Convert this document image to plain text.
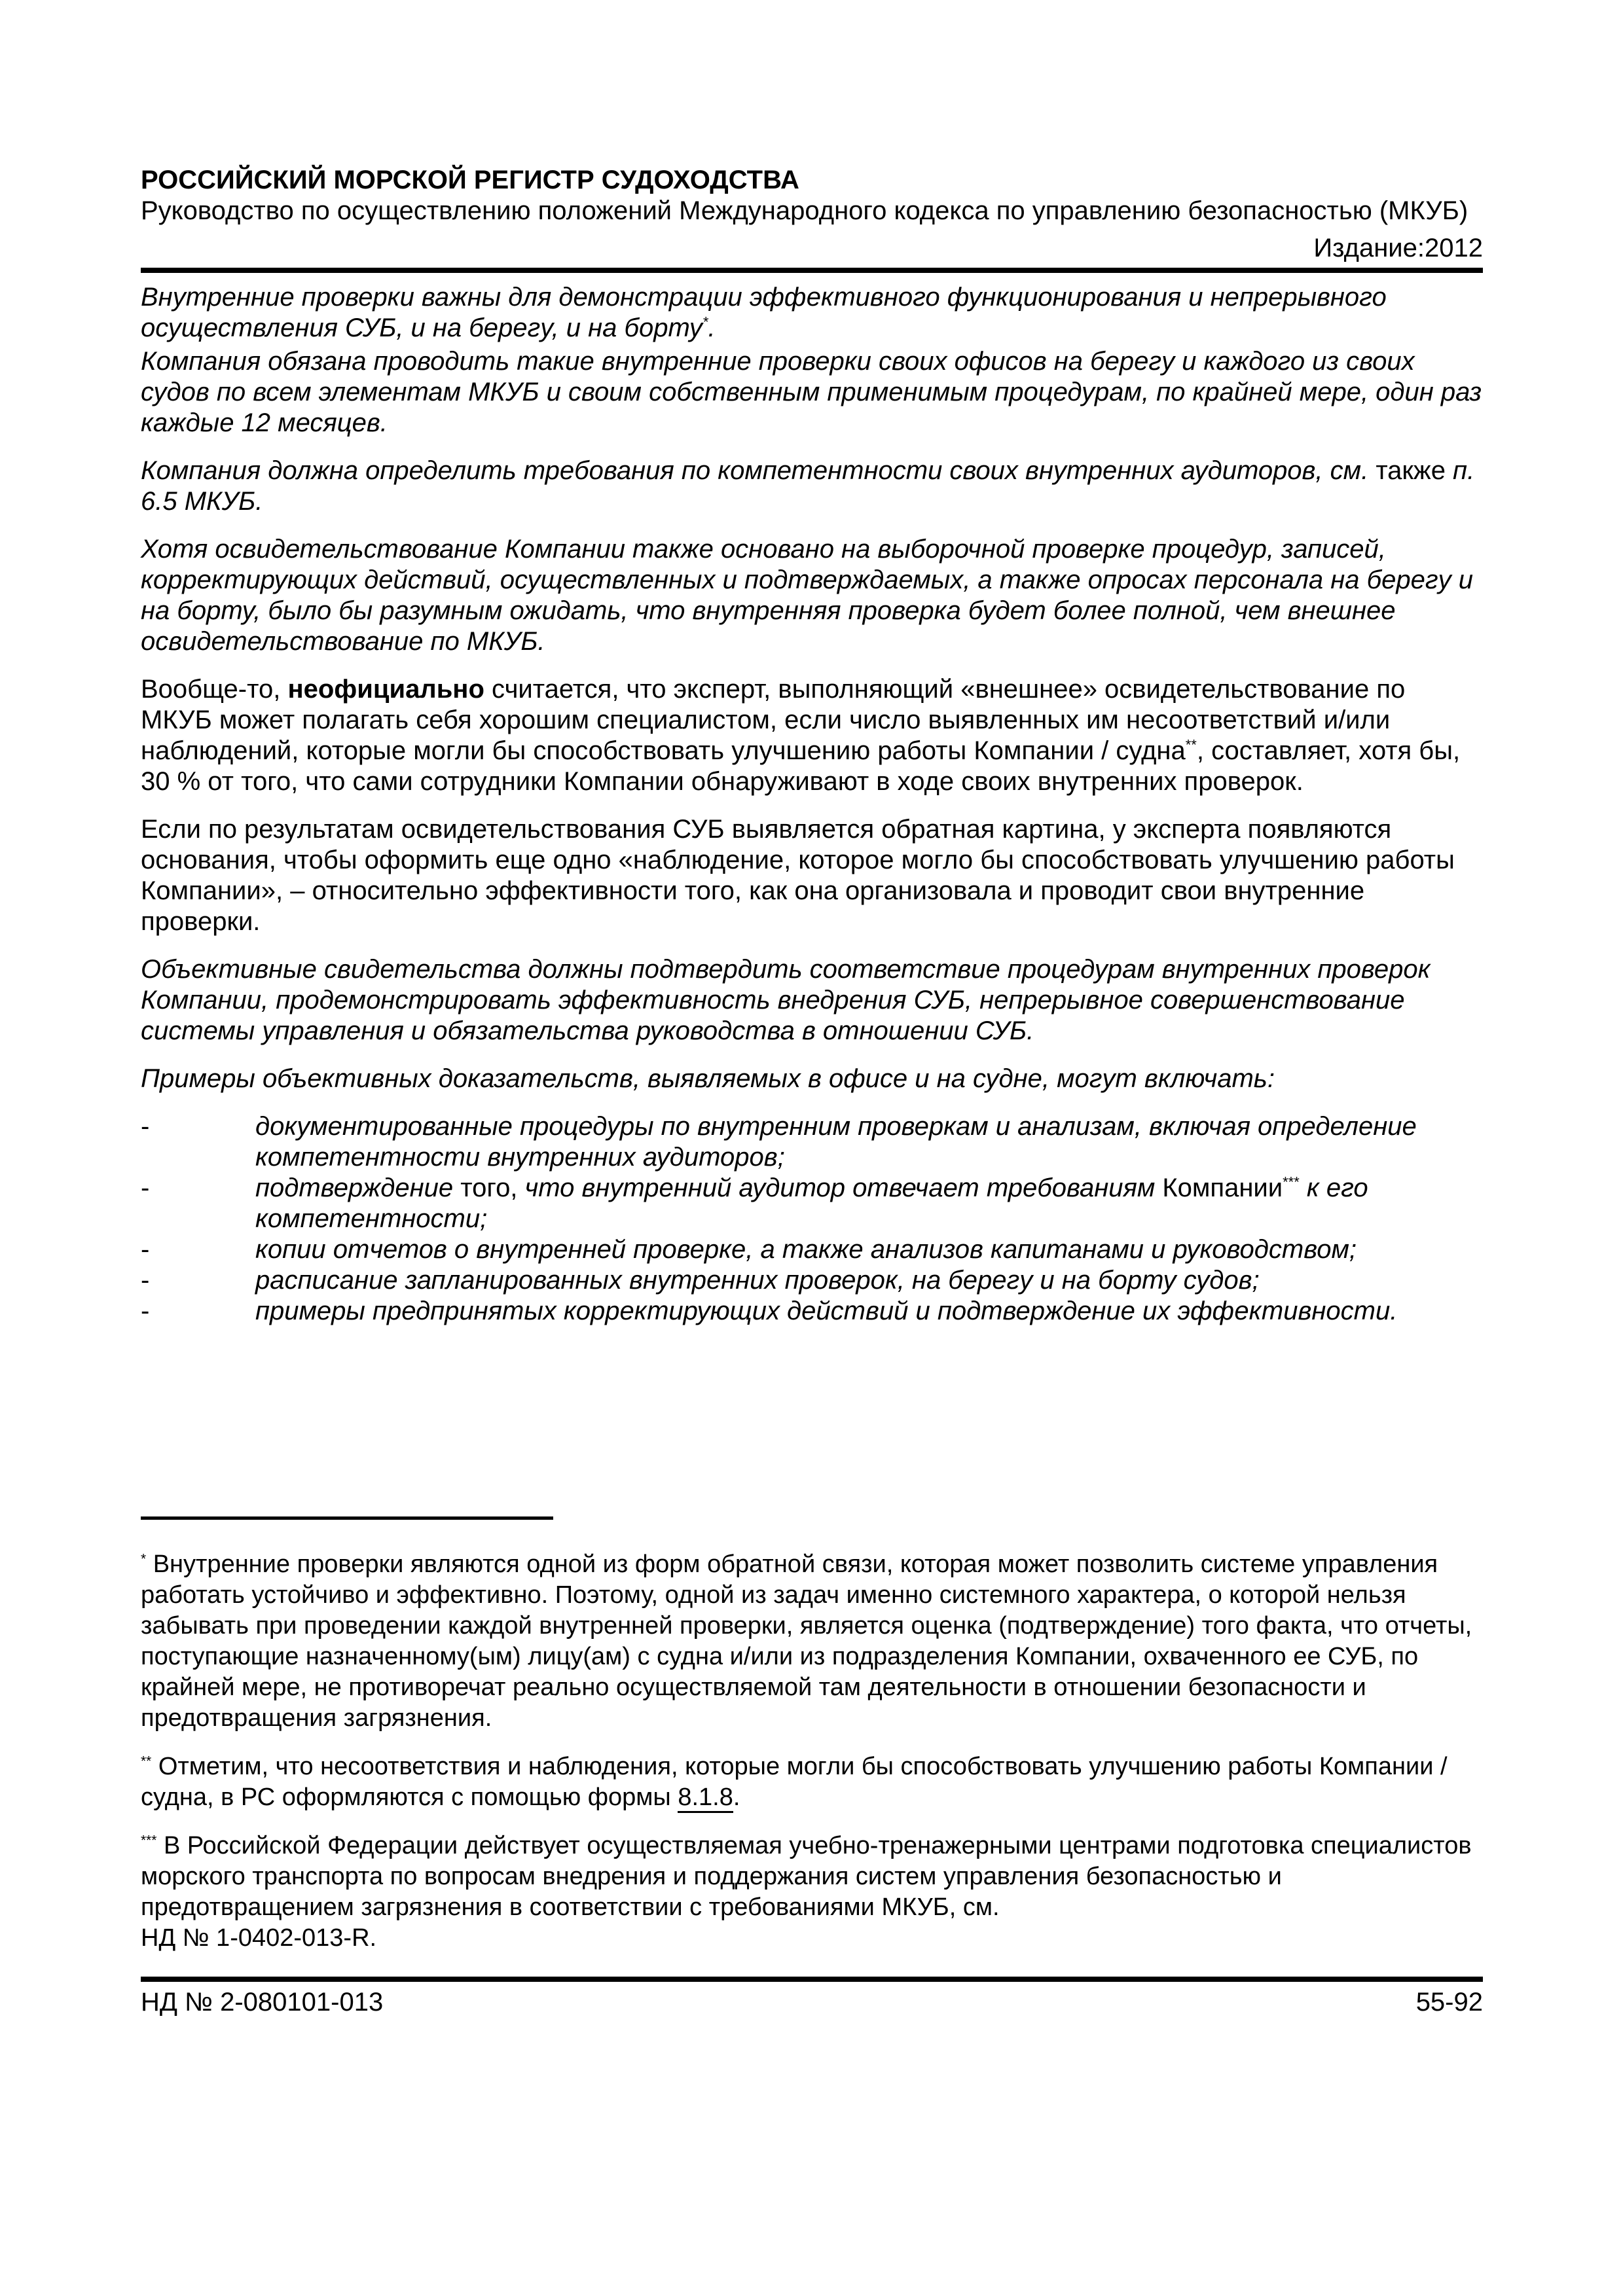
РОССИЙСКИЙ МОРСКОЙ РЕГИСТР СУДОХОДСТВА
Руководство по осуществлению положений Международного кодекса по управлению безопасностью (МКУБ)
Издание:2012

Внутренние проверки важны для демонстрации эффективного функционирования и непрерывного осуществления СУБ, и на берегу, и на борту*.

Компания обязана проводить такие внутренние проверки своих офисов на берегу и каждого из своих судов по всем элементам МКУБ и своим собственным применимым процедурам, по крайней мере, один раз каждые 12 месяцев.

Компания должна определить требования по компетентности своих внутренних аудиторов, см. также п. 6.5 МКУБ.

Хотя освидетельствование Компании также основано на выборочной проверке процедур, записей, корректирующих действий, осуществленных и подтверждаемых, а также опросах персонала на берегу и на борту, было бы разумным ожидать, что внутренняя проверка будет более полной, чем внешнее освидетельствование по МКУБ.

Вообще-то, неофициально считается, что эксперт, выполняющий «внешнее» освидетельствование по МКУБ может полагать себя хорошим специалистом, если число выявленных им несоответствий и/или наблюдений, которые могли бы способствовать улучшению работы Компании / судна**, составляет, хотя бы, 30 % от того, что сами сотрудники Компании обнаруживают в ходе своих внутренних проверок.

Если по результатам освидетельствования СУБ выявляется обратная картина, у эксперта появляются основания, чтобы оформить еще одно «наблюдение, которое могло бы способствовать улучшению работы Компании», – относительно эффективности того, как она организовала и проводит свои внутренние проверки.

Объективные свидетельства должны подтвердить соответствие процедурам внутренних проверок Компании, продемонстрировать эффективность внедрения СУБ, непрерывное совершенствование системы управления и обязательства руководства в отношении СУБ.

Примеры объективных доказательств, выявляемых в офисе и на судне, могут включать:

-	документированные процедуры по внутренним проверкам и анализам, включая определение компетентности внутренних аудиторов;
-	подтверждение того, что внутренний аудитор отвечает требованиям Компании*** к его компетентности;
-	копии отчетов о внутренней проверке, а также анализов капитанами и руководством;
-	расписание запланированных внутренних проверок, на берегу и на борту судов;
-	примеры предпринятых корректирующих действий и подтверждение их эффективности.

* Внутренние проверки являются одной из форм обратной связи, которая может позволить системе управления работать устойчиво и эффективно. Поэтому, одной из задач именно системного характера, о которой нельзя забывать при проведении каждой внутренней проверки, является оценка (подтверждение) того факта, что отчеты, поступающие назначенному(ым) лицу(ам) с судна и/или из подразделения Компании, охваченного ее СУБ, по крайней мере, не противоречат реально осуществляемой там деятельности в отношении безопасности и предотвращения загрязнения.

** Отметим, что несоответствия и наблюдения, которые могли бы способствовать улучшению работы Компании / судна, в РС оформляются с помощью формы 8.1.8.

*** В Российской Федерации действует осуществляемая учебно-тренажерными центрами подготовка специалистов морского транспорта по вопросам внедрения и поддержания систем управления безопасностью и предотвращением загрязнения в соответствии с требованиями МКУБ, см.
НД № 1-0402-013-R.

НД № 2-080101-013	55-92
